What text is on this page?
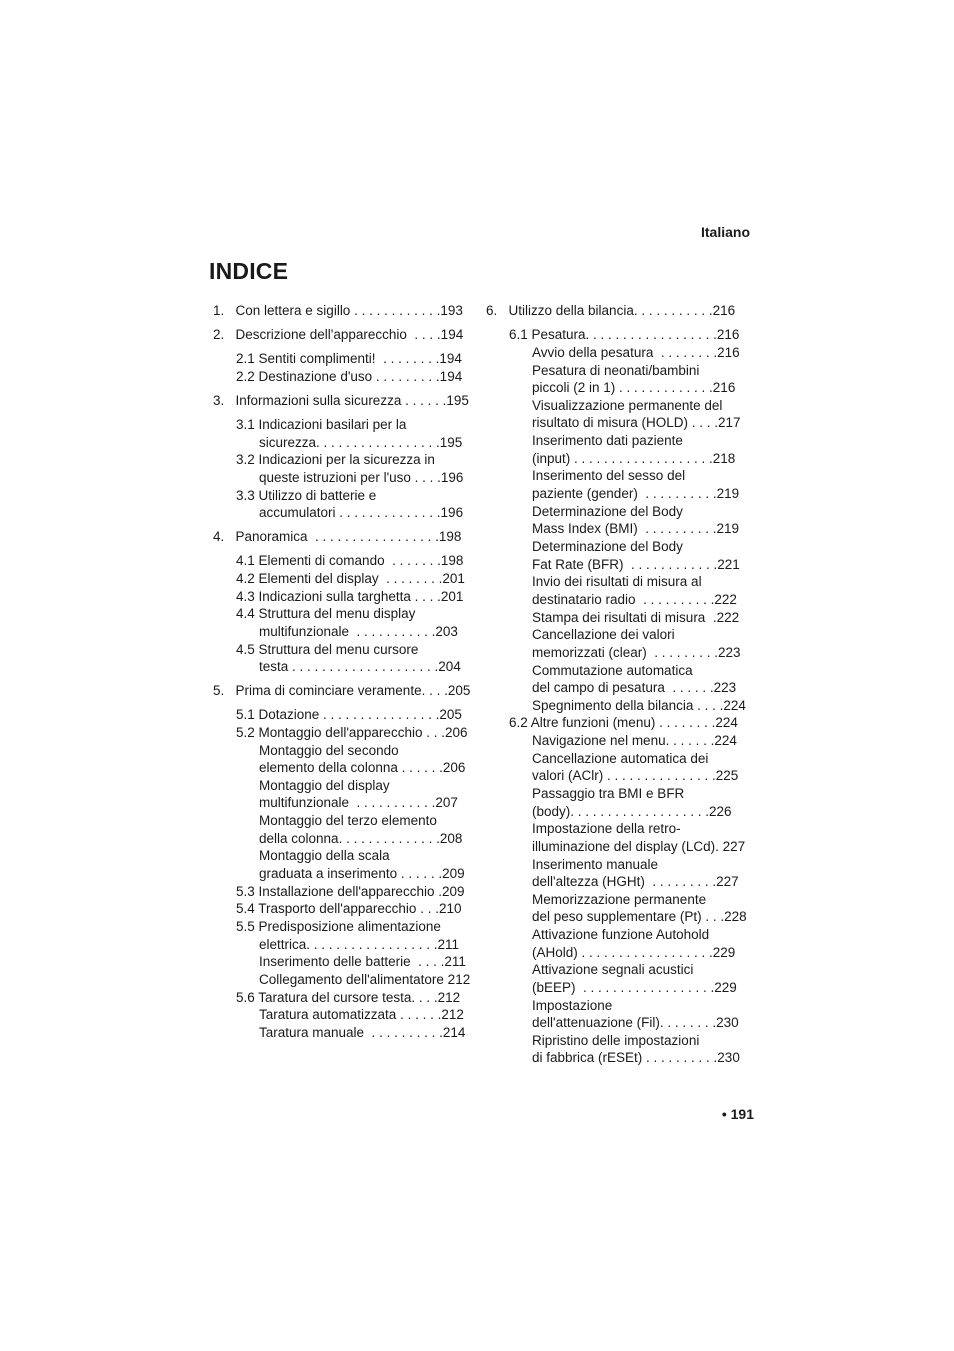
Italiano
INDICE
1.   Con lettera e sigillo . . . . . . . . . . . .193
2.   Descrizione dell'apparecchio  . . . .194
2.1 Sentiti complimenti!  . . . . . . . .194
2.2 Destinazione d'uso . . . . . . . . .194
3.   Informazioni sulla sicurezza . . . . . .195
3.1 Indicazioni basilari per la
sicurezza. . . . . . . . . . . . . . . . .195
3.2 Indicazioni per la sicurezza in
queste istruzioni per l'uso . . . .196
3.3 Utilizzo di batterie e
accumulatori . . . . . . . . . . . . . .196
4.   Panoramica  . . . . . . . . . . . . . . . . .198
4.1 Elementi di comando  . . . . . . .198
4.2 Elementi del display  . . . . . . . .201
4.3 Indicazioni sulla targhetta . . . .201
4.4 Struttura del menu display
multifunzionale  . . . . . . . . . . .203
4.5 Struttura del menu cursore
testa . . . . . . . . . . . . . . . . . . . .204
5.   Prima di cominciare veramente. . . .205
5.1 Dotazione . . . . . . . . . . . . . . . .205
5.2 Montaggio dell'apparecchio . . .206
Montaggio del secondo
elemento della colonna . . . . . .206
Montaggio del display
multifunzionale  . . . . . . . . . . .207
Montaggio del terzo elemento
della colonna. . . . . . . . . . . . . .208
Montaggio della scala
graduata a inserimento . . . . . .209
5.3 Installazione dell'apparecchio .209
5.4 Trasporto dell'apparecchio . . .210
5.5 Predisposizione alimentazione
elettrica. . . . . . . . . . . . . . . . . .211
Inserimento delle batterie  . . . .211
Collegamento dell'alimentatore 212
5.6 Taratura del cursore testa. . . .212
Taratura automatizzata . . . . . .212
Taratura manuale  . . . . . . . . . .214
6.   Utilizzo della bilancia. . . . . . . . . . .216
6.1 Pesatura. . . . . . . . . . . . . . . . . .216
Avvio della pesatura  . . . . . . . .216
Pesatura di neonati/bambini
piccoli (2 in 1) . . . . . . . . . . . . .216
Visualizzazione permanente del
risultato di misura (HOLD) . . . .217
Inserimento dati paziente
(input) . . . . . . . . . . . . . . . . . . .218
Inserimento del sesso del
paziente (gender)  . . . . . . . . . .219
Determinazione del Body
Mass Index (BMI)  . . . . . . . . . .219
Determinazione del Body
Fat Rate (BFR)  . . . . . . . . . . . .221
Invio dei risultati di misura al
destinatario radio  . . . . . . . . . .222
Stampa dei risultati di misura  .222
Cancellazione dei valori
memorizzati (clear)  . . . . . . . . .223
Commutazione automatica
del campo di pesatura  . . . . . .223
Spegnimento della bilancia . . . .224
6.2 Altre funzioni (menu) . . . . . . . .224
Navigazione nel menu. . . . . . .224
Cancellazione automatica dei
valori (AClr) . . . . . . . . . . . . . . .225
Passaggio tra BMI e BFR
(body). . . . . . . . . . . . . . . . . . .226
Impostazione della retro-
illuminazione del display (LCd). 227
Inserimento manuale
dell'altezza (HGHt)  . . . . . . . . .227
Memorizzazione permanente
del peso supplementare (Pt) . . .228
Attivazione funzione Autohold
(AHold) . . . . . . . . . . . . . . . . . .229
Attivazione segnali acustici
(bEEP)  . . . . . . . . . . . . . . . . . .229
Impostazione
dell'attenuazione (Fil). . . . . . . .230
Ripristino delle impostazioni
di fabbrica (rESEt) . . . . . . . . . .230
• 191
